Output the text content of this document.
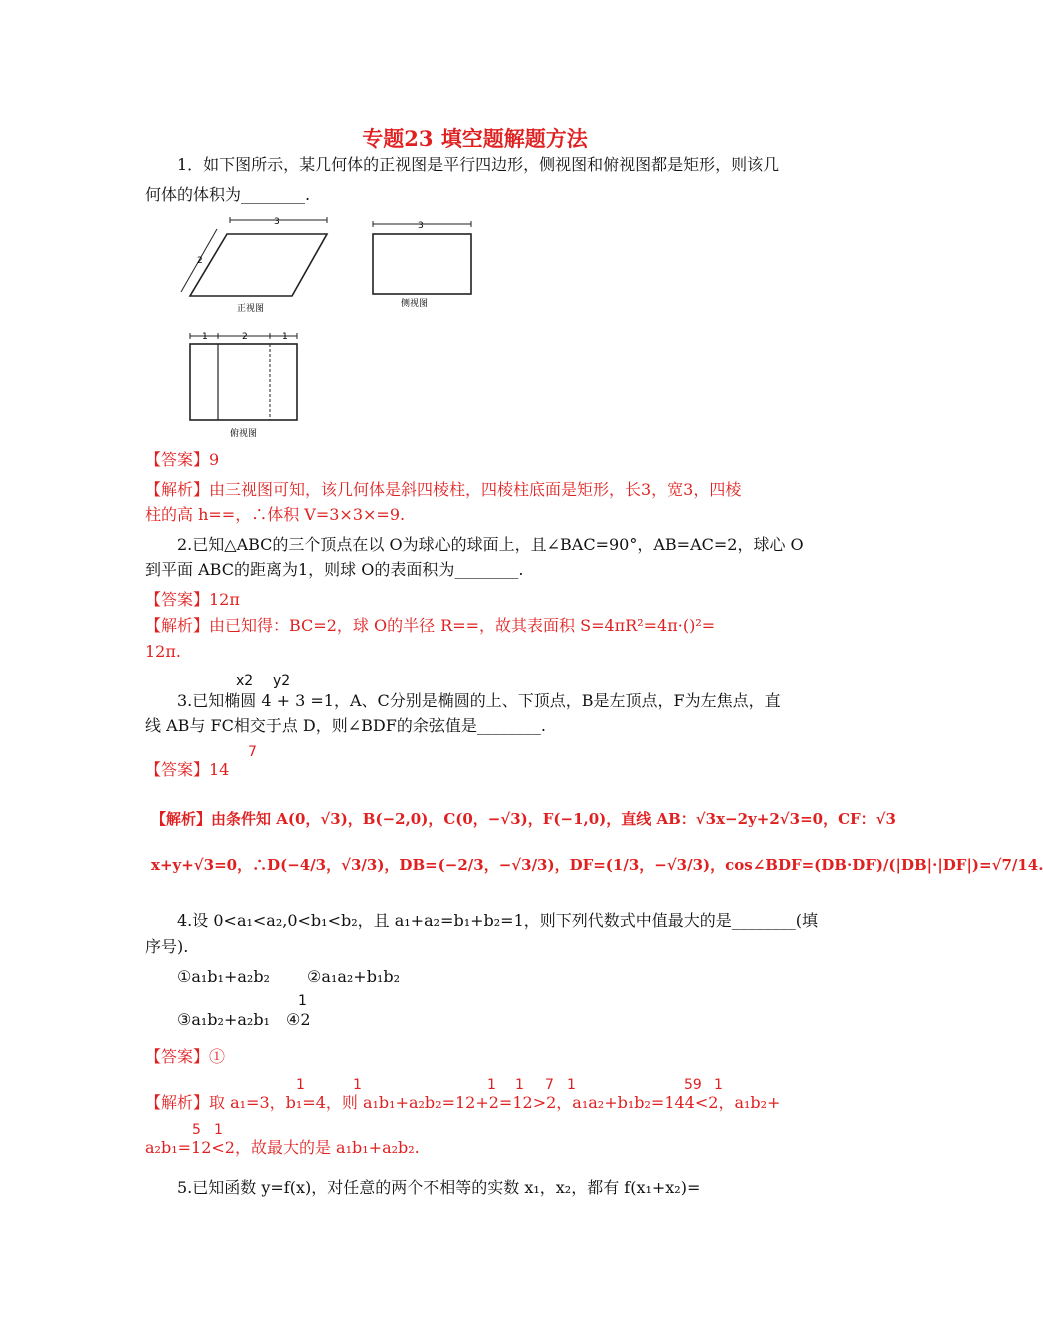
专题23 填空题解题方法
1．如下图所示，某几何体的正视图是平行四边形，侧视图和俯视图都是矩形，则该几
何体的体积为________.
3
2
正视图
3
侧视图
1	2	1
俯视图
【答案】9
【解析】由三视图可知，该几何体是斜四棱柱，四棱柱底面是矩形，长3，宽3，四棱
柱的高 h==，∴体积 V=3×3×=9.
2.已知△ABC的三个顶点在以 O为球心的球面上，且∠BAC=90°，AB=AC=2，球心 O
到平面 ABC的距离为1，则球 O的表面积为________.
【答案】12π
【解析】由已知得：BC=2，球 O的半径 R==，故其表面积 S=4πR²=4π·()²=
12π.
x2 y2
3.已知椭圆 4 + 3 =1，A、C分别是椭圆的上、下顶点，B是左顶点，F为左焦点，直
线 AB与 FC相交于点 D，则∠BDF的余弦值是________.
7
【答案】14
【解析】由条件知 A(0，√3)，B(−2,0)，C(0，−√3)，F(−1,0)，直线 AB：√3x−2y+2√3=0，CF：√3
x+y+√3=0，∴D(−4/3，√3/3)，DB=(−2/3，−√3/3)，DF=(1/3，−√3/3)，cos∠BDF=(DB·DF)/(|DB|·|DF|)=√7/14.
4.设 0<a₁<a₂,0<b₁<b₂，且 a₁+a₂=b₁+b₂=1，则下列代数式中值最大的是________(填
序号).
①a₁b₁+a₂b₂　　 ②a₁a₂+b₁b₂
1
③a₁b₂+a₂b₁　④2
【答案】①
1	1	1 1 7 1	59 1
【解析】取 a₁=3，b₁=4，则 a₁b₁+a₂b₂=12+2=12>2，a₁a₂+b₁b₂=144<2，a₁b₂+
5 1
a₂b₁=12<2，故最大的是 a₁b₁+a₂b₂.
5.已知函数 y=f(x)，对任意的两个不相等的实数 x₁，x₂，都有 f(x₁+x₂)=
